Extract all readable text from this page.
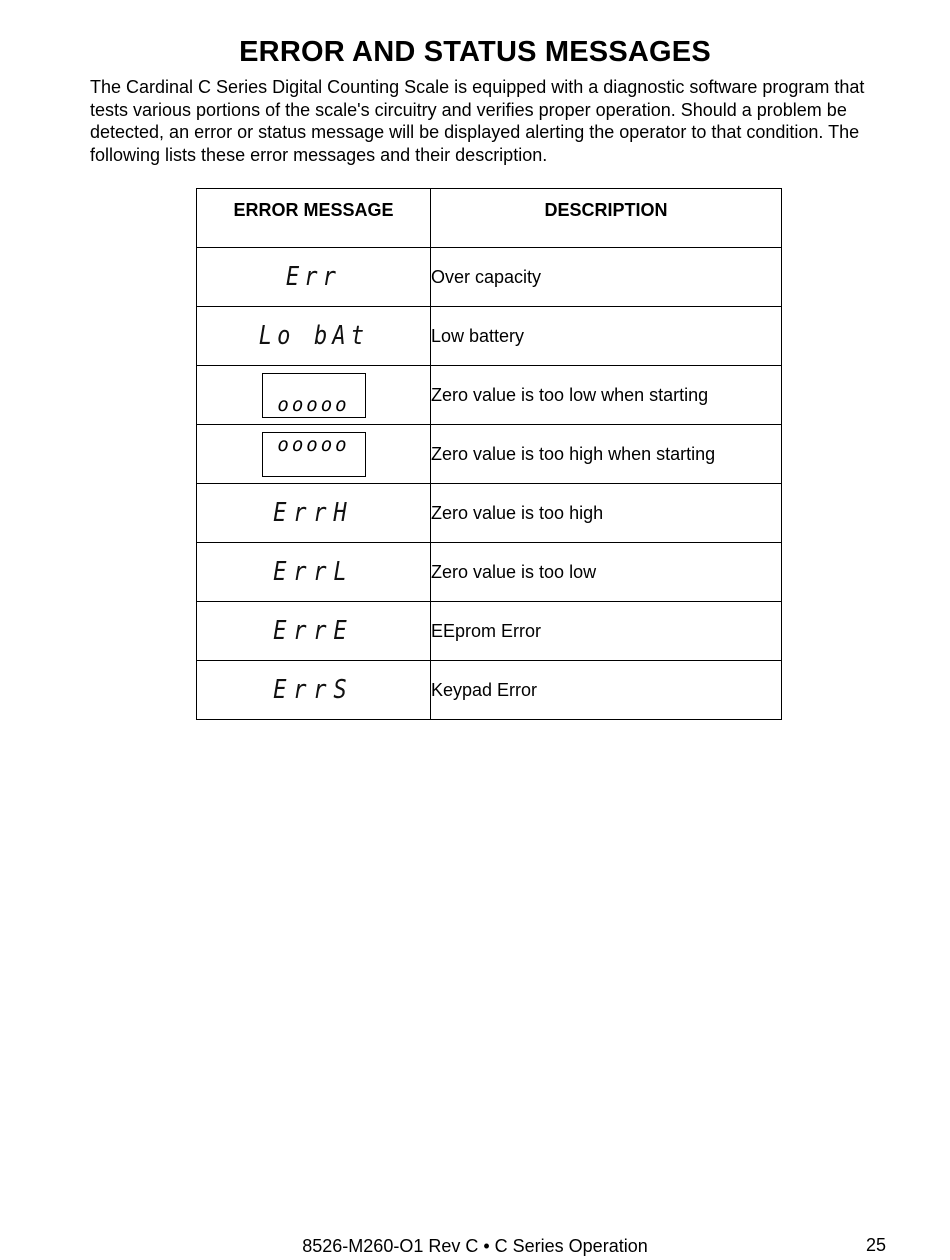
ERROR AND STATUS MESSAGES

The Cardinal C Series Digital Counting Scale is equipped with a diagnostic software program that tests various portions of the scale's circuitry and verifies proper operation. Should a problem be detected, an error or status message will be displayed alerting the operator to that condition. The following lists these error messages and their description.

ERROR MESSAGE	DESCRIPTION
Err	Over capacity
Lo bAt	Low battery

ooooo	Zero value is too low when starting

ooooo	Zero value is too high when starting
ErrH	Zero value is too high
ErrL	Zero value is too low
ErrE	EEprom Error
ErrS	Keypad Error
8526-M260-O1 Rev C • C Series Operation	25
